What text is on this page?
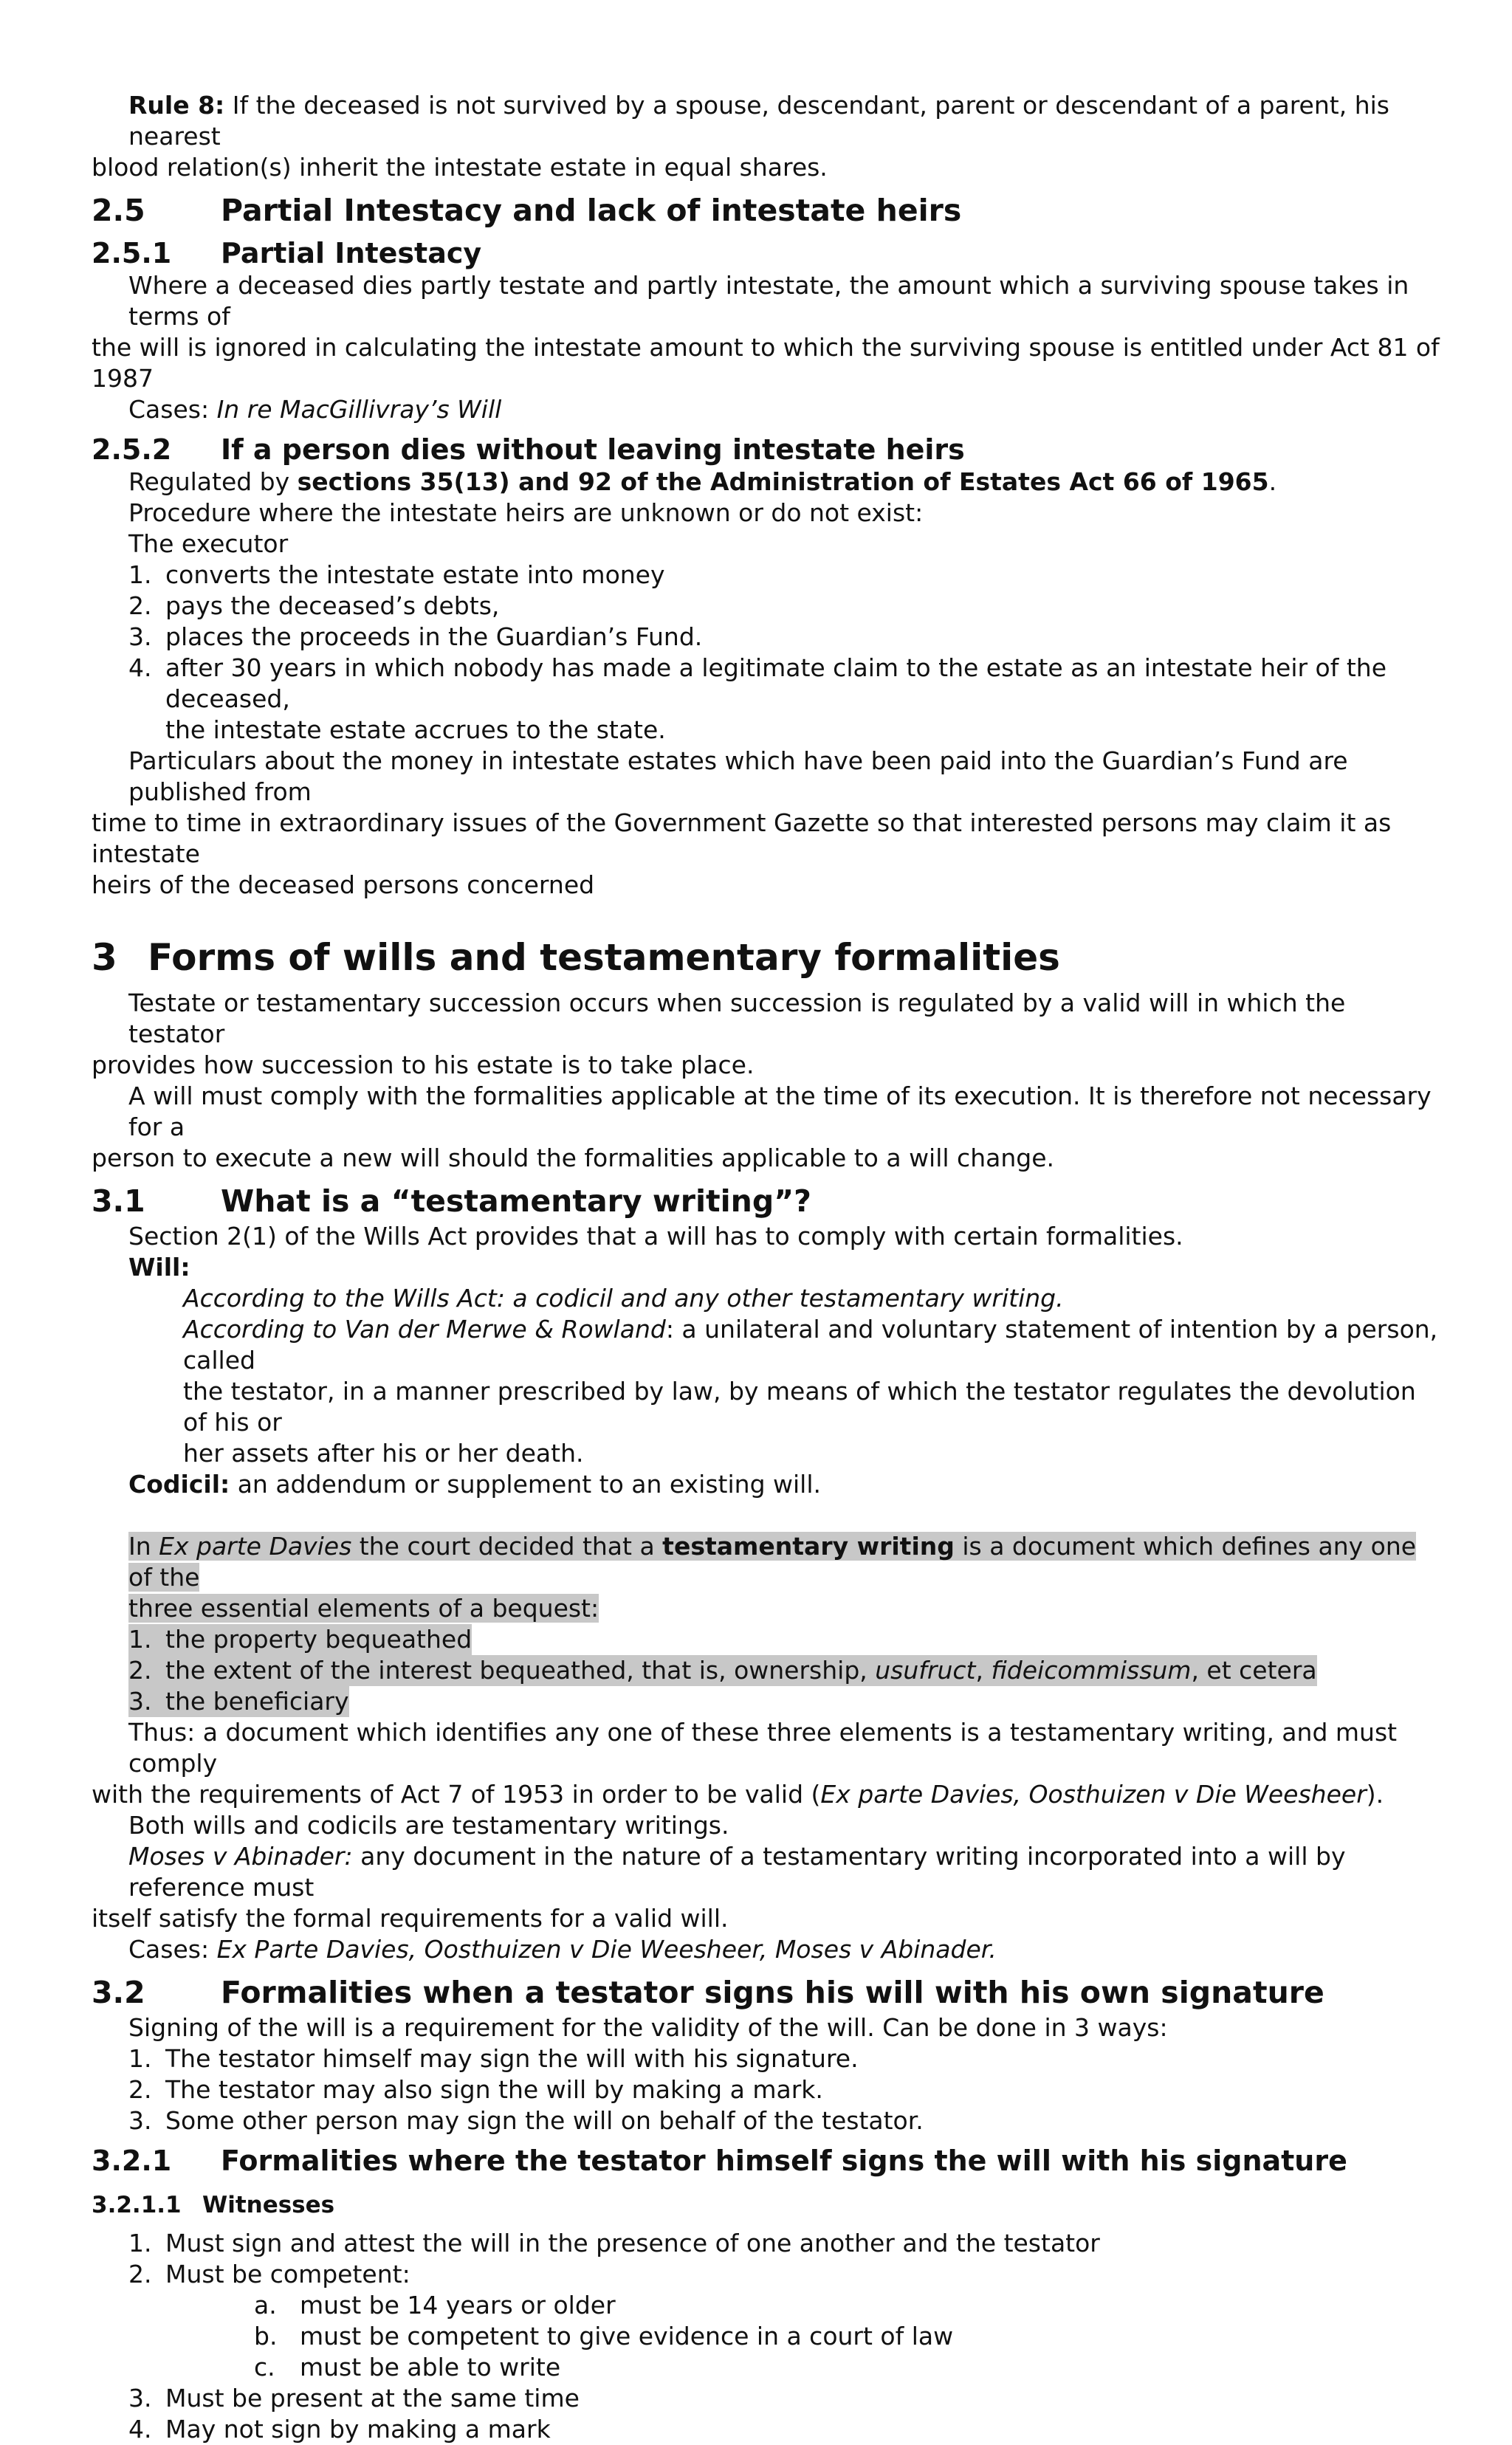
Rule 8: If the deceased is not survived by a spouse, descendant, parent or descendant of a parent, his nearest

blood relation(s) inherit the intestate estate in equal shares.

2.5	Partial Intestacy and lack of intestate heirs
2.5.1	Partial Intestacy

Where a deceased dies partly testate and partly intestate, the amount which a surviving spouse takes in terms of

the will is ignored in calculating the intestate amount to which the surviving spouse is entitled under Act 81 of 1987

Cases: In re MacGillivray’s Will

2.5.2	If a person dies without leaving intestate heirs

Regulated by sections 35(13) and 92 of the Administration of Estates Act 66 of 1965.

Procedure where the intestate heirs are unknown or do not exist:

The executor

1. converts the intestate estate into money
2. pays the deceased’s debts,
3. places the proceeds in the Guardian’s Fund.
4. after 30 years in which nobody has made a legitimate claim to the estate as an intestate heir of the deceased,
the intestate estate accrues to the state.

Particulars about the money in intestate estates which have been paid into the Guardian’s Fund are published from

time to time in extraordinary issues of the Government Gazette so that interested persons may claim it as intestate

heirs of the deceased persons concerned

3 Forms of wills and testamentary formalities

Testate or testamentary succession occurs when succession is regulated by a valid will in which the testator

provides how succession to his estate is to take place.

A will must comply with the formalities applicable at the time of its execution. It is therefore not necessary for a

person to execute a new will should the formalities applicable to a will change.

3.1	What is a “testamentary writing”?

Section 2(1) of the Wills Act provides that a will has to comply with certain formalities.

Will:

According to the Wills Act: a codicil and any other testamentary writing.

According to Van der Merwe & Rowland: a unilateral and voluntary statement of intention by a person, called

the testator, in a manner prescribed by law, by means of which the testator regulates the devolution of his or

her assets after his or her death.

Codicil: an addendum or supplement to an existing will.

In Ex parte Davies the court decided that a testamentary writing is a document which defines any one of the

three essential elements of a bequest:

1. the property bequeathed
2. the extent of the interest bequeathed, that is, ownership, usufruct, fideicommissum, et cetera
3. the beneficiary

Thus: a document which identifies any one of these three elements is a testamentary writing, and must comply

with the requirements of Act 7 of 1953 in order to be valid (Ex parte Davies, Oosthuizen v Die Weesheer).

Both wills and codicils are testamentary writings.

Moses v Abinader: any document in the nature of a testamentary writing incorporated into a will by reference must

itself satisfy the formal requirements for a valid will.

Cases: Ex Parte Davies, Oosthuizen v Die Weesheer, Moses v Abinader.

3.2	Formalities when a testator signs his will with his own signature

Signing of the will is a requirement for the validity of the will. Can be done in 3 ways:

1. The testator himself may sign the will with his signature.
2. The testator may also sign the will by making a mark.
3. Some other person may sign the will on behalf of the testator.
3.2.1	Formalities where the testator himself signs the will with his signature
3.2.1.1 Witnesses
1. Must sign and attest the will in the presence of one another and the testator
2. Must be competent:
a. must be 14 years or older
b. must be competent to give evidence in a court of law
c.	must be able to write
3. Must be present at the same time
4. May not sign by making a mark
